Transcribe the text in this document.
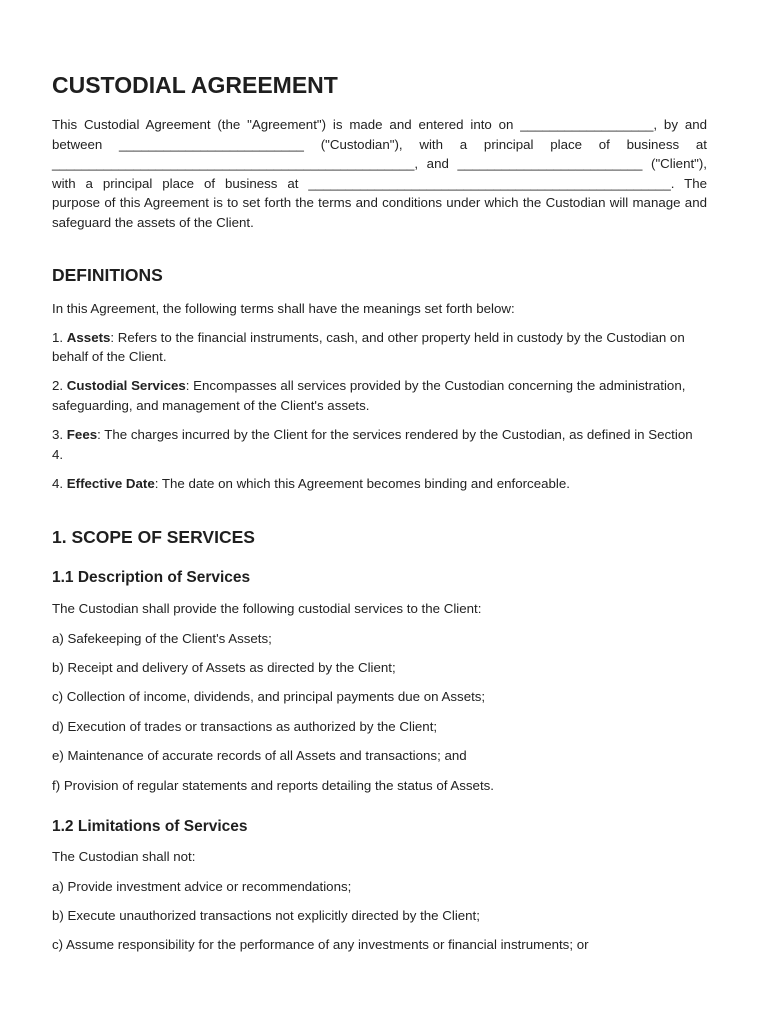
CUSTODIAL AGREEMENT

This Custodial Agreement (the "Agreement") is made and entered into on __________________, by and between _________________________ ("Custodian"), with a principal place of business at _________________________________________________, and _________________________ ("Client"), with a principal place of business at _________________________________________________. The purpose of this Agreement is to set forth the terms and conditions under which the Custodian will manage and safeguard the assets of the Client.

DEFINITIONS

In this Agreement, the following terms shall have the meanings set forth below:

1. Assets: Refers to the financial instruments, cash, and other property held in custody by the Custodian on behalf of the Client.

2. Custodial Services: Encompasses all services provided by the Custodian concerning the administration, safeguarding, and management of the Client's assets.

3. Fees: The charges incurred by the Client for the services rendered by the Custodian, as defined in Section 4.

4. Effective Date: The date on which this Agreement becomes binding and enforceable.

1. SCOPE OF SERVICES
1.1 Description of Services

The Custodian shall provide the following custodial services to the Client:

a) Safekeeping of the Client's Assets;

b) Receipt and delivery of Assets as directed by the Client;

c) Collection of income, dividends, and principal payments due on Assets;

d) Execution of trades or transactions as authorized by the Client;

e) Maintenance of accurate records of all Assets and transactions; and

f) Provision of regular statements and reports detailing the status of Assets.

1.2 Limitations of Services

The Custodian shall not:

a) Provide investment advice or recommendations;

b) Execute unauthorized transactions not explicitly directed by the Client;

c) Assume responsibility for the performance of any investments or financial instruments; or
